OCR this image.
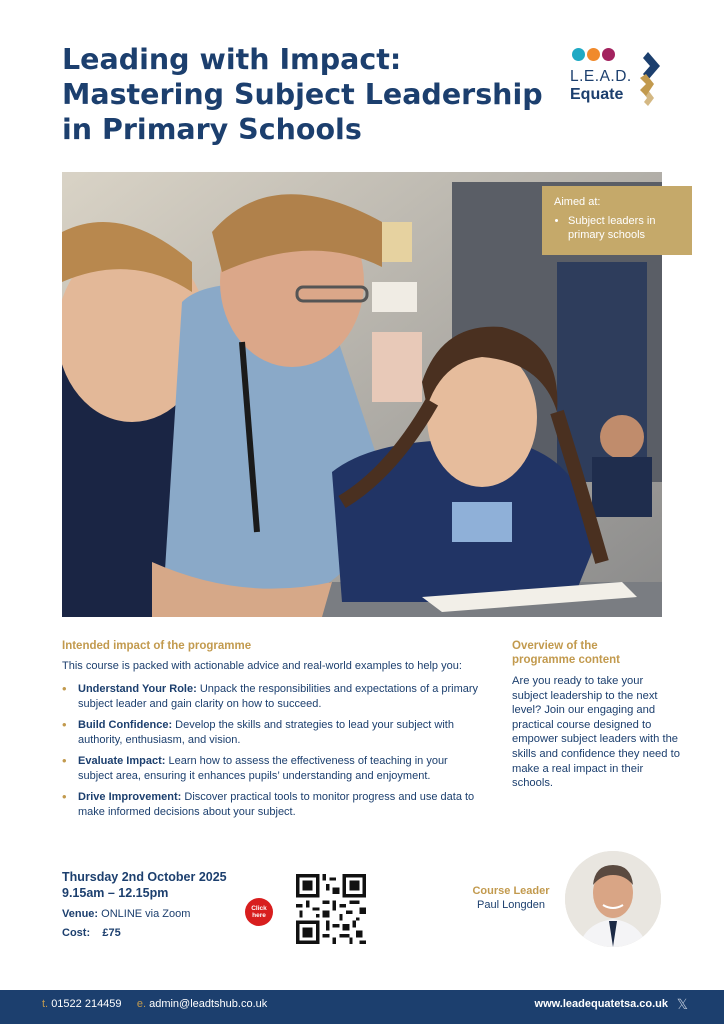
Leading with Impact:
Mastering Subject Leadership
in Primary Schools
L.E.A.D.
Equate
Aimed at:
• Subject leaders in primary schools
Intended impact of the programme
This course is packed with actionable advice and real-world examples to help you:
• Understand Your Role: Unpack the responsibilities and expectations of a primary subject leader and gain clarity on how to succeed.
• Build Confidence: Develop the skills and strategies to lead your subject with authority, enthusiasm, and vision.
• Evaluate Impact: Learn how to assess the effectiveness of teaching in your subject area, ensuring it enhances pupils’ understanding and enjoyment.
• Drive Improvement: Discover practical tools to monitor progress and use data to make informed decisions about your subject.
Overview of the programme content
Are you ready to take your subject leadership to the next level? Join our engaging and practical course designed to empower subject leaders with the skills and confidence they need to make a real impact in their schools.
Thursday 2nd October 2025
9.15am – 12.15pm
Venue: ONLINE via Zoom
Cost: £75
Click here
Course Leader
Paul Longden
t. 01522 214459 e. admin@leadtshub.co.uk	www.leadequatetsa.co.uk 𝕏
